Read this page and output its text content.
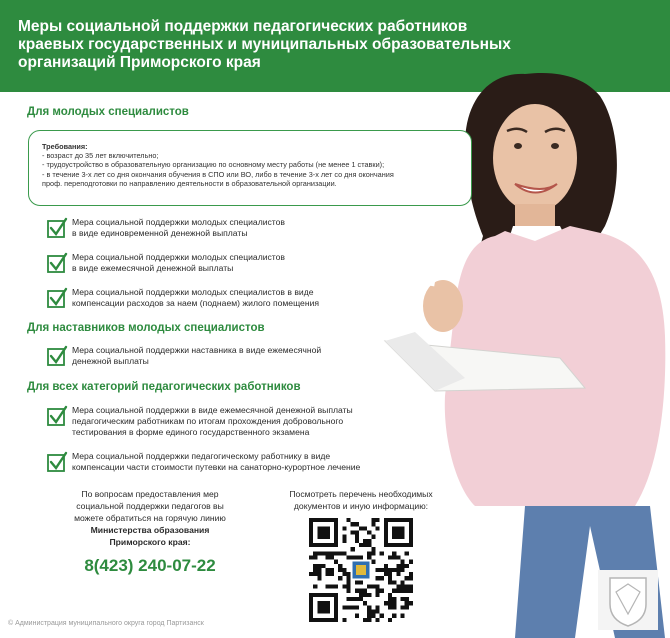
Меры социальной поддержки педагогических работников
краевых государственных и муниципальных образовательных
организаций Приморского края
Для молодых специалистов
Требования:
- возраст до 35 лет включительно;
- трудоустройство в образовательную организацию по основному месту работы (не менее 1 ставки);
- в течение 3-х лет со дня окончания обучения в СПО или ВО, либо в течение 3-х лет со дня окончания
проф. переподготовки по направлению деятельности в образовательной организации.
Мера социальной поддержки молодых специалистов
в виде единовременной денежной выплаты
Мера социальной поддержки молодых специалистов
в виде ежемесячной денежной выплаты
Мера социальной поддержки молодых специалистов в виде
компенсации расходов за наем (поднаем) жилого помещения
Для наставников молодых специалистов
Мера социальной поддержки наставника в виде ежемесячной
денежной выплаты
Для всех категорий педагогических работников
Мера социальной поддержки в виде ежемесячной денежной выплаты
педагогическим работникам по итогам прохождения добровольного
тестирования в форме единого государственного экзамена
Мера социальной поддержки педагогическому работнику в виде
компенсации части стоимости путевки на санаторно-курортное лечение
По вопросам предоставления мер
социальной поддержки педагогов вы
можете обратиться на горячую линию
Министерства образования
Приморского края:
8(423) 240-07-22
Посмотреть перечень необходимых
документов и иную информацию:
© Администрация муниципального округа город Партизанск
